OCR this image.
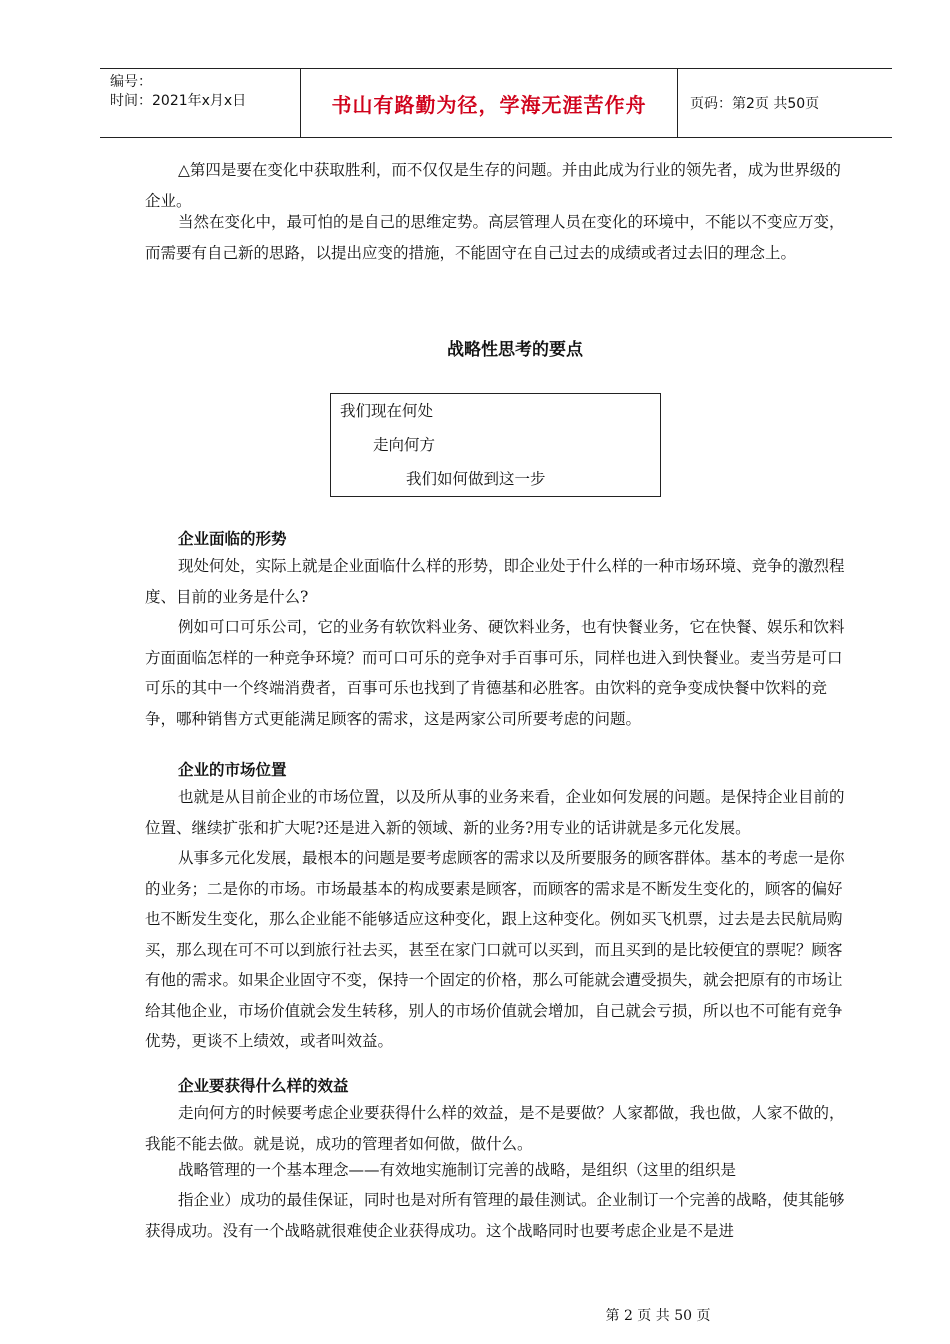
编号：
时间：2021年x月x日	书山有路勤为径，学海无涯苦作舟	页码：第2页 共50页

△第四是要在变化中获取胜利，而不仅仅是生存的问题。并由此成为行业的领先者，成为世界级的企业。

当然在变化中，最可怕的是自己的思维定势。高层管理人员在变化的环境中，不能以不变应万变，而需要有自己新的思路，以提出应变的措施，不能固守在自己过去的成绩或者过去旧的理念上。

战略性思考的要点
我们现在何处
走向何方
我们如何做到这一步
企业面临的形势

现处何处，实际上就是企业面临什么样的形势，即企业处于什么样的一种市场环境、竞争的激烈程度、目前的业务是什么?

例如可口可乐公司，它的业务有软饮料业务、硬饮料业务，也有快餐业务，它在快餐、娱乐和饮料方面面临怎样的一种竞争环境？而可口可乐的竞争对手百事可乐，同样也进入到快餐业。麦当劳是可口可乐的其中一个终端消费者，百事可乐也找到了肯德基和必胜客。由饮料的竞争变成快餐中饮料的竞争，哪种销售方式更能满足顾客的需求，这是两家公司所要考虑的问题。

企业的市场位置

也就是从目前企业的市场位置，以及所从事的业务来看，企业如何发展的问题。是保持企业目前的位置、继续扩张和扩大呢?还是进入新的领域、新的业务?用专业的话讲就是多元化发展。

从事多元化发展，最根本的问题是要考虑顾客的需求以及所要服务的顾客群体。基本的考虑一是你的业务；二是你的市场。市场最基本的构成要素是顾客，而顾客的需求是不断发生变化的，顾客的偏好也不断发生变化，那么企业能不能够适应这种变化，跟上这种变化。例如买飞机票，过去是去民航局购买，那么现在可不可以到旅行社去买，甚至在家门口就可以买到，而且买到的是比较便宜的票呢？顾客有他的需求。如果企业固守不变，保持一个固定的价格，那么可能就会遭受损失，就会把原有的市场让给其他企业，市场价值就会发生转移，别人的市场价值就会增加，自己就会亏损，所以也不可能有竞争优势，更谈不上绩效，或者叫效益。

企业要获得什么样的效益

走向何方的时候要考虑企业要获得什么样的效益，是不是要做？人家都做，我也做，人家不做的，我能不能去做。就是说，成功的管理者如何做，做什么。

战略管理的一个基本理念——有效地实施制订完善的战略，是组织（这里的组织是

指企业）成功的最佳保证，同时也是对所有管理的最佳测试。企业制订一个完善的战略，使其能够获得成功。没有一个战略就很难使企业获得成功。这个战略同时也要考虑企业是不是进

第 2 页 共 50 页
